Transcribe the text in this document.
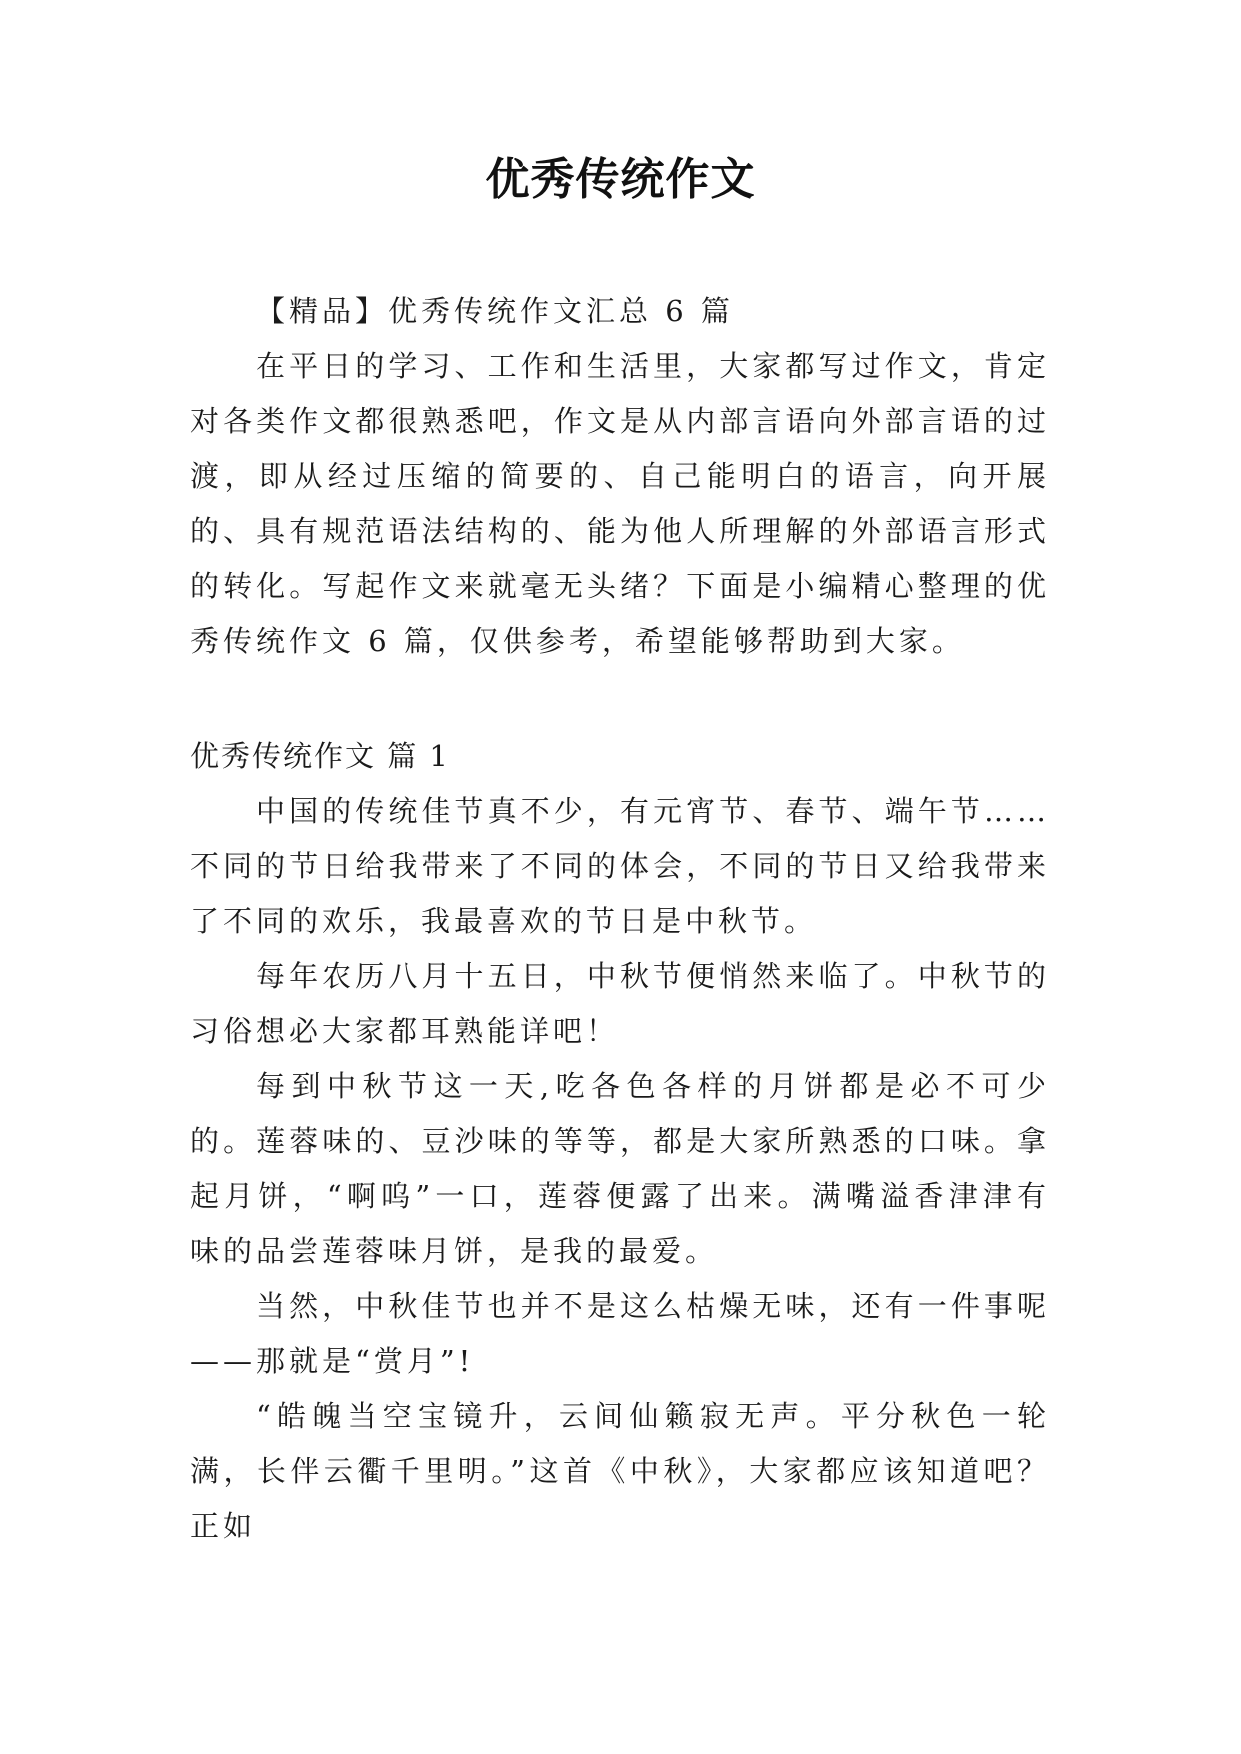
优秀传统作文

【精品】优秀传统作文汇总 6 篇

在平日的学习、工作和生活里，大家都写过作文，肯定对各类作文都很熟悉吧，作文是从内部言语向外部言语的过渡，即从经过压缩的简要的、自己能明白的语言，向开展的、具有规范语法结构的、能为他人所理解的外部语言形式的转化。写起作文来就毫无头绪？下面是小编精心整理的优秀传统作文 6 篇，仅供参考，希望能够帮助到大家。

优秀传统作文 篇 1

中国的传统佳节真不少，有元宵节、春节、端午节……不同的节日给我带来了不同的体会，不同的节日又给我带来了不同的欢乐，我最喜欢的节日是中秋节。

每年农历八月十五日，中秋节便悄然来临了。中秋节的习俗想必大家都耳熟能详吧！

每到中秋节这一天,吃各色各样的月饼都是必不可少的。莲蓉味的、豆沙味的等等，都是大家所熟悉的口味。拿起月饼，“啊呜”一口，莲蓉便露了出来。满嘴溢香津津有味的品尝莲蓉味月饼，是我的最爱。

当然，中秋佳节也并不是这么枯燥无味，还有一件事呢——那就是“赏月”!

“皓魄当空宝镜升，云间仙籁寂无声。平分秋色一轮满，长伴云衢千里明。”这首《中秋》，大家都应该知道吧？正如
